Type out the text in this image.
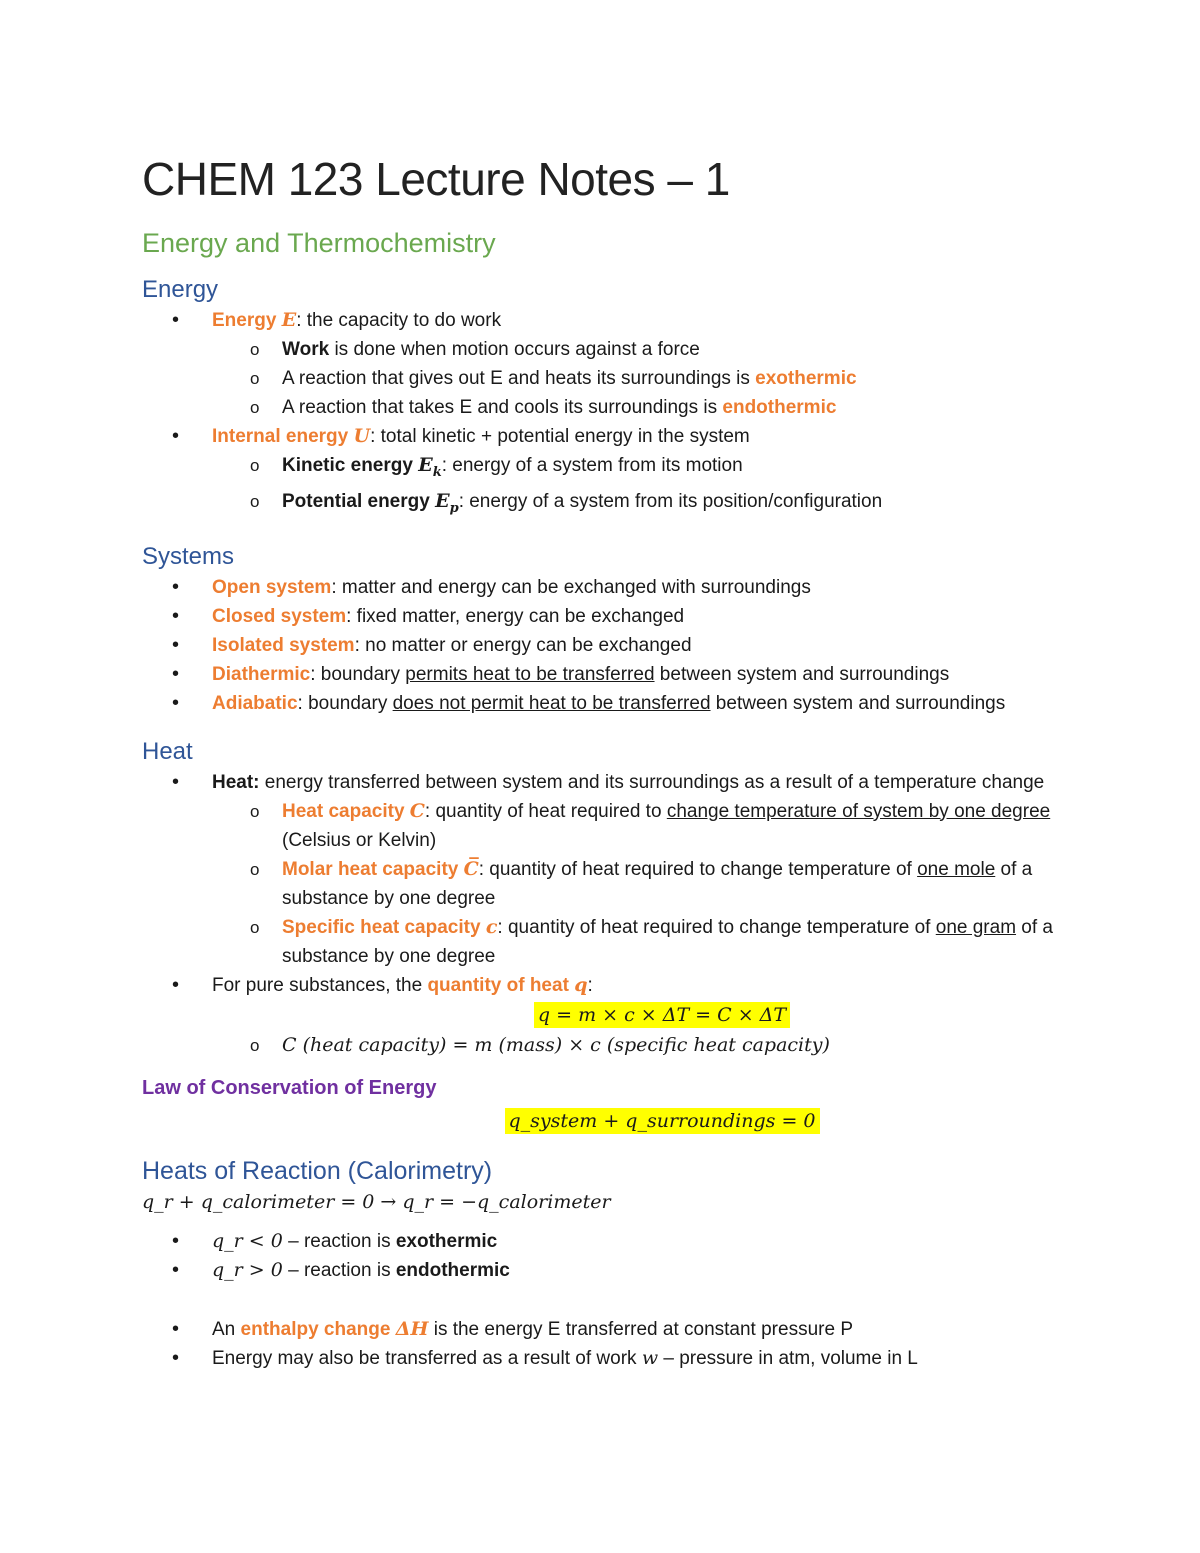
CHEM 123 Lecture Notes – 1
Energy and Thermochemistry
Energy
• Energy E: the capacity to do work
o Work is done when motion occurs against a force
o A reaction that gives out E and heats its surroundings is exothermic
o A reaction that takes E and cools its surroundings is endothermic
• Internal energy U: total kinetic + potential energy in the system
o Kinetic energy $E_k$: energy of a system from its motion
o Potential energy $E_p$: energy of a system from its position/configuration
Systems
• Open system: matter and energy can be exchanged with surroundings
• Closed system: fixed matter, energy can be exchanged
• Isolated system: no matter or energy can be exchanged
• Diathermic: boundary permits heat to be transferred between system and surroundings
• Adiabatic: boundary does not permit heat to be transferred between system and surroundings
Heat
• Heat: energy transferred between system and its surroundings as a result of a temperature change
o Heat capacity C: quantity of heat required to change temperature of system by one degree (Celsius or Kelvin)
o Molar heat capacity C̅: quantity of heat required to change temperature of one mole of a substance by one degree
o Specific heat capacity c: quantity of heat required to change temperature of one gram of a substance by one degree
• For pure substances, the quantity of heat q:
q = m × c × ΔT = C × ΔT
o C (heat capacity) = m (mass) × c (specific heat capacity)
Law of Conservation of Energy
q_system + q_surroundings = 0
Heats of Reaction (Calorimetry)
q_r + q_calorimeter = 0 → q_r = −q_calorimeter
• q_r < 0 – reaction is exothermic
• q_r > 0 – reaction is endothermic
• An enthalpy change ΔH is the energy E transferred at constant pressure P
• Energy may also be transferred as a result of work w – pressure in atm, volume in L
